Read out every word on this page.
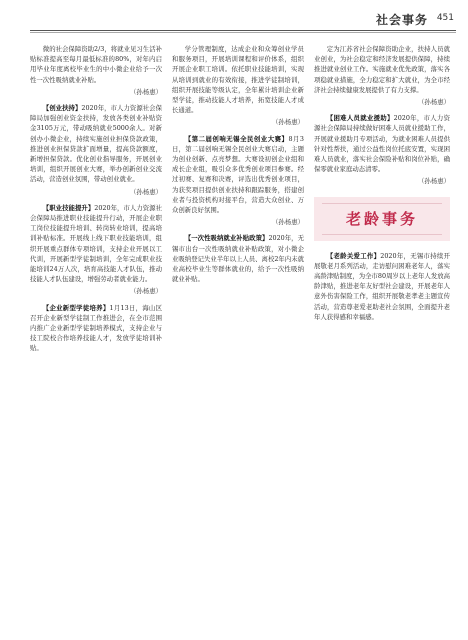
社会事务 451

微的社会保障资助2/3，将就业见习生活补贴标准提高至每月最低标准的80%，对年内启用毕业年度离校毕业生的中小微企业给予一次性一次性吸纳就业补贴。

（孙杨惠）

【创业扶持】2020年，市人力资源社会保障局加强创业资金扶持，发放各类创业补贴资金3105万元，带动吸纳就业5000余人。对新创办小微企业，持续实施创业担保贷款政策，推进创业担保贷款扩面增量，提高贷款额度，新增担保贷款。优化创业指导服务，开展创业培训，组织开展创业大赛，举办创新创业交流活动，营造创业氛围，带动创业就业。

（孙杨惠）

【职业技能提升】2020年，市人力资源社会保障局推进职业技能提升行动，开展企业职工岗位技能提升培训、转岗转业培训，提高培训补贴标准。开展线上线下职业技能培训，组织开展重点群体专项培训，支持企业开展以工代训，开展新型学徒制培训，全年完成职业技能培训24万人次，培育高技能人才队伍，推动技能人才队伍建设，增强劳动者就业能力。

（孙杨惠）

【企业新型学徒培养】1月13日，海山区召开企业新型学徒制工作推进会，在全市范围内推广企业新型学徒制培养模式，支持企业与技工院校合作培养技能人才，发放学徒培训补贴。

学分管理制度，达成企业和众筹创业学员和服务项目，开展培训课程和评价体系，组织开展企业职工培训。依托职业技能培训，实现从培训到就业的有效衔接，推进学徒制培训，组织开展技能等级认定，全年累计培训企业新型学徒，推动技能人才培养，拓宽技能人才成长通道。

（孙杨惠）

【第二届创响无锡全民创业大赛】8月3日，第二届创响无锡全民创业大赛启动，主题为创业创新、点亮梦想。大赛设初创企业组和成长企业组，吸引众多优秀创业项目参赛。经过初赛、复赛和决赛，评选出优秀创业项目，为获奖项目提供创业扶持和跟踪服务，搭建创业者与投资机构对接平台，营造大众创业、万众创新良好氛围。

（孙杨惠）

【一次性吸纳就业补贴政策】2020年，无锡市出台一次性吸纳就业补贴政策，对小微企业吸纳登记失业半年以上人员、离校2年内未就业高校毕业生等群体就业的，给予一次性吸纳就业补贴。

定为江苏省社会保障资助企业，扶持人员就业创业，为社会稳定和经济发展提供保障，持续推进就业创业工作。实施就业优先政策，落实各项稳就业措施，全力稳定和扩大就业，为全市经济社会持续健康发展提供了有力支撑。

（孙杨惠）

【困难人员就业援助】2020年，市人力资源社会保障局持续做好困难人员就业援助工作，开展就业援助月专项活动，为就业困难人员提供针对性帮扶，通过公益性岗位托底安置，实现困难人员就业，落实社会保险补贴和岗位补贴，确保零就业家庭动态清零。

（孙杨惠）

老龄事务

【老龄关爱工作】2020年，无锡市持续开展敬老月系列活动，走访慰问困难老年人，落实高龄津贴制度，为全市80周岁以上老年人发放高龄津贴，推进老年友好型社会建设，开展老年人意外伤害保险工作，组织开展敬老孝老主题宣传活动，营造尊老爱老助老社会氛围，全面提升老年人获得感和幸福感。
